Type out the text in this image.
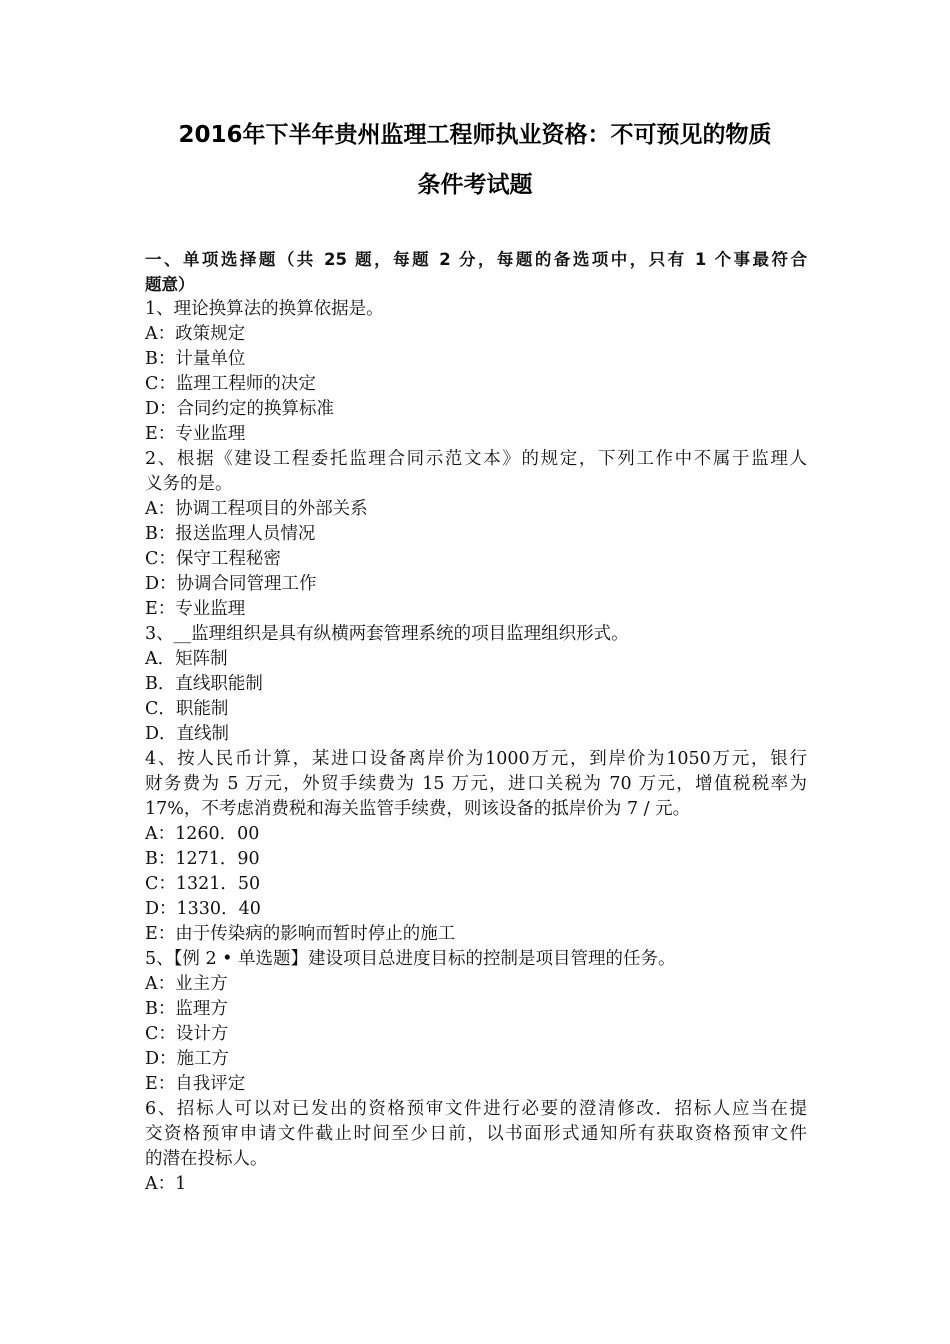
2016年下半年贵州监理工程师执业资格：不可预见的物质
条件考试题
一、单项选择题（共 25 题，每题 2 分，每题的备选项中，只有 1 个事最符合
题意）
1、理论换算法的换算依据是。
A：政策规定
B：计量单位
C：监理工程师的决定
D：合同约定的换算标准
E：专业监理
2、根据《建设工程委托监理合同示范文本》的规定，下列工作中不属于监理人
义务的是。
A：协调工程项目的外部关系
B：报送监理人员情况
C：保守工程秘密
D：协调合同管理工作
E：专业监理
3、__监理组织是具有纵横两套管理系统的项目监理组织形式。
A．矩阵制
B．直线职能制
C．职能制
D．直线制
4、按人民币计算，某进口设备离岸价为1000万元，到岸价为1050万元，银行
财务费为 5 万元，外贸手续费为 15 万元，进口关税为 70 万元，增值税税率为
17%，不考虑消费税和海关监管手续费，则该设备的抵岸价为 7 / 元。
A：1260．00
B：1271．90
C：1321．50
D：1330．40
E：由于传染病的影响而暂时停止的施工
5、【例 2 • 单选题】建设项目总进度目标的控制是项目管理的任务。
A：业主方
B：监理方
C：设计方
D：施工方
E：自我评定
6、招标人可以对已发出的资格预审文件进行必要的澄清修改．招标人应当在提
交资格预审申请文件截止时间至少日前，以书面形式通知所有获取资格预审文件
的潜在投标人。
A：1
